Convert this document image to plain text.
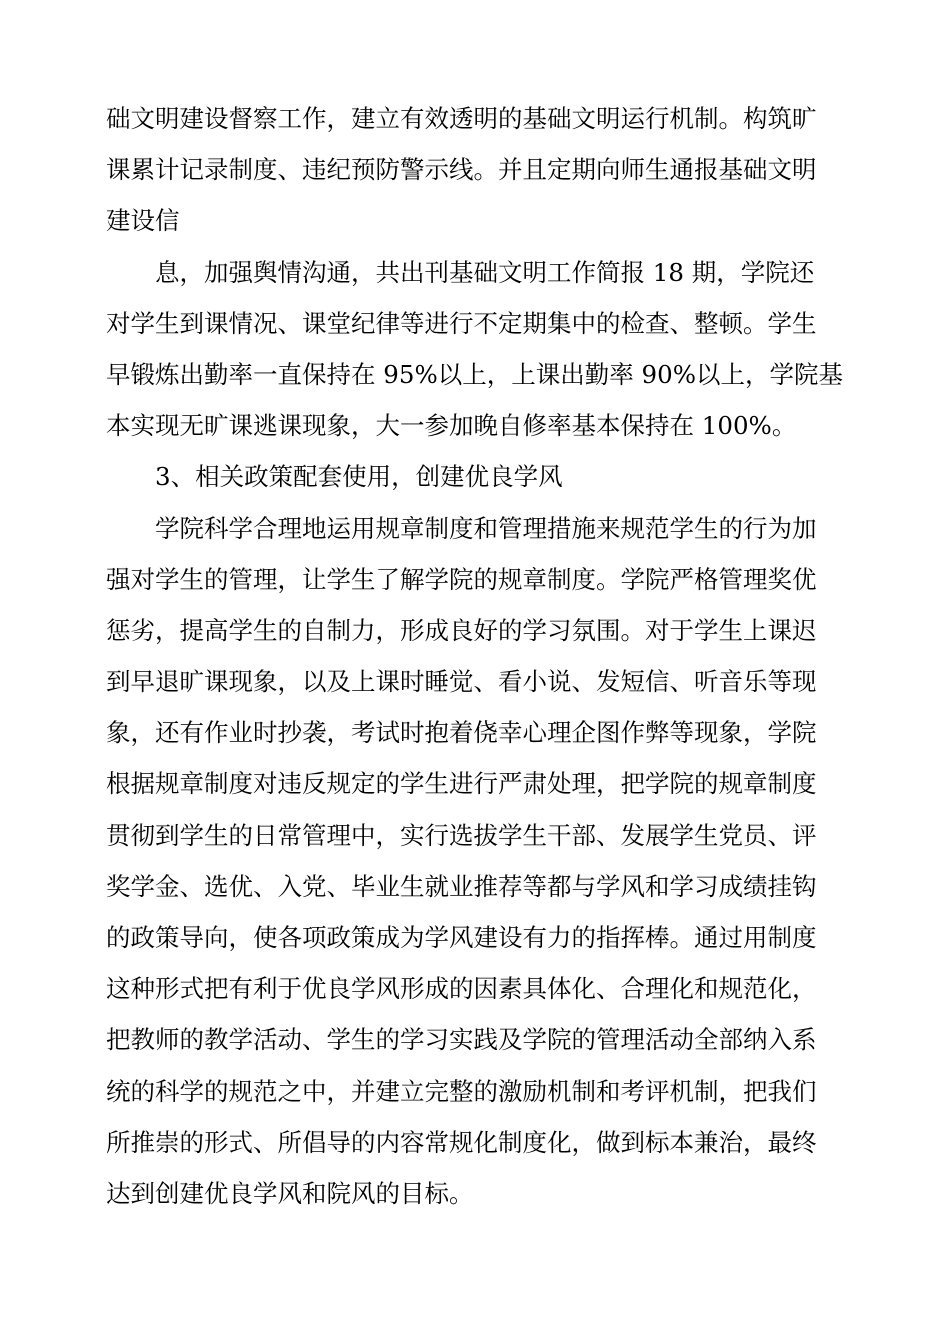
础文明建设督察工作，建立有效透明的基础文明运行机制。构筑旷
课累计记录制度、违纪预防警示线。并且定期向师生通报基础文明
建设信

息，加强舆情沟通，共出刊基础文明工作简报 18 期，学院还
对学生到课情况、课堂纪律等进行不定期集中的检查、整顿。学生
早锻炼出勤率一直保持在 95%以上，上课出勤率 90%以上，学院基
本实现无旷课逃课现象，大一参加晚自修率基本保持在 100%。

3、相关政策配套使用，创建优良学风

学院科学合理地运用规章制度和管理措施来规范学生的行为加
强对学生的管理，让学生了解学院的规章制度。学院严格管理奖优
惩劣，提高学生的自制力，形成良好的学习氛围。对于学生上课迟
到早退旷课现象，以及上课时睡觉、看小说、发短信、听音乐等现
象，还有作业时抄袭，考试时抱着侥幸心理企图作弊等现象，学院
根据规章制度对违反规定的学生进行严肃处理，把学院的规章制度
贯彻到学生的日常管理中，实行选拔学生干部、发展学生党员、评
奖学金、选优、入党、毕业生就业推荐等都与学风和学习成绩挂钩
的政策导向，使各项政策成为学风建设有力的指挥棒。通过用制度
这种形式把有利于优良学风形成的因素具体化、合理化和规范化，
把教师的教学活动、学生的学习实践及学院的管理活动全部纳入系
统的科学的规范之中，并建立完整的激励机制和考评机制，把我们
所推崇的形式、所倡导的内容常规化制度化，做到标本兼治，最终
达到创建优良学风和院风的目标。
